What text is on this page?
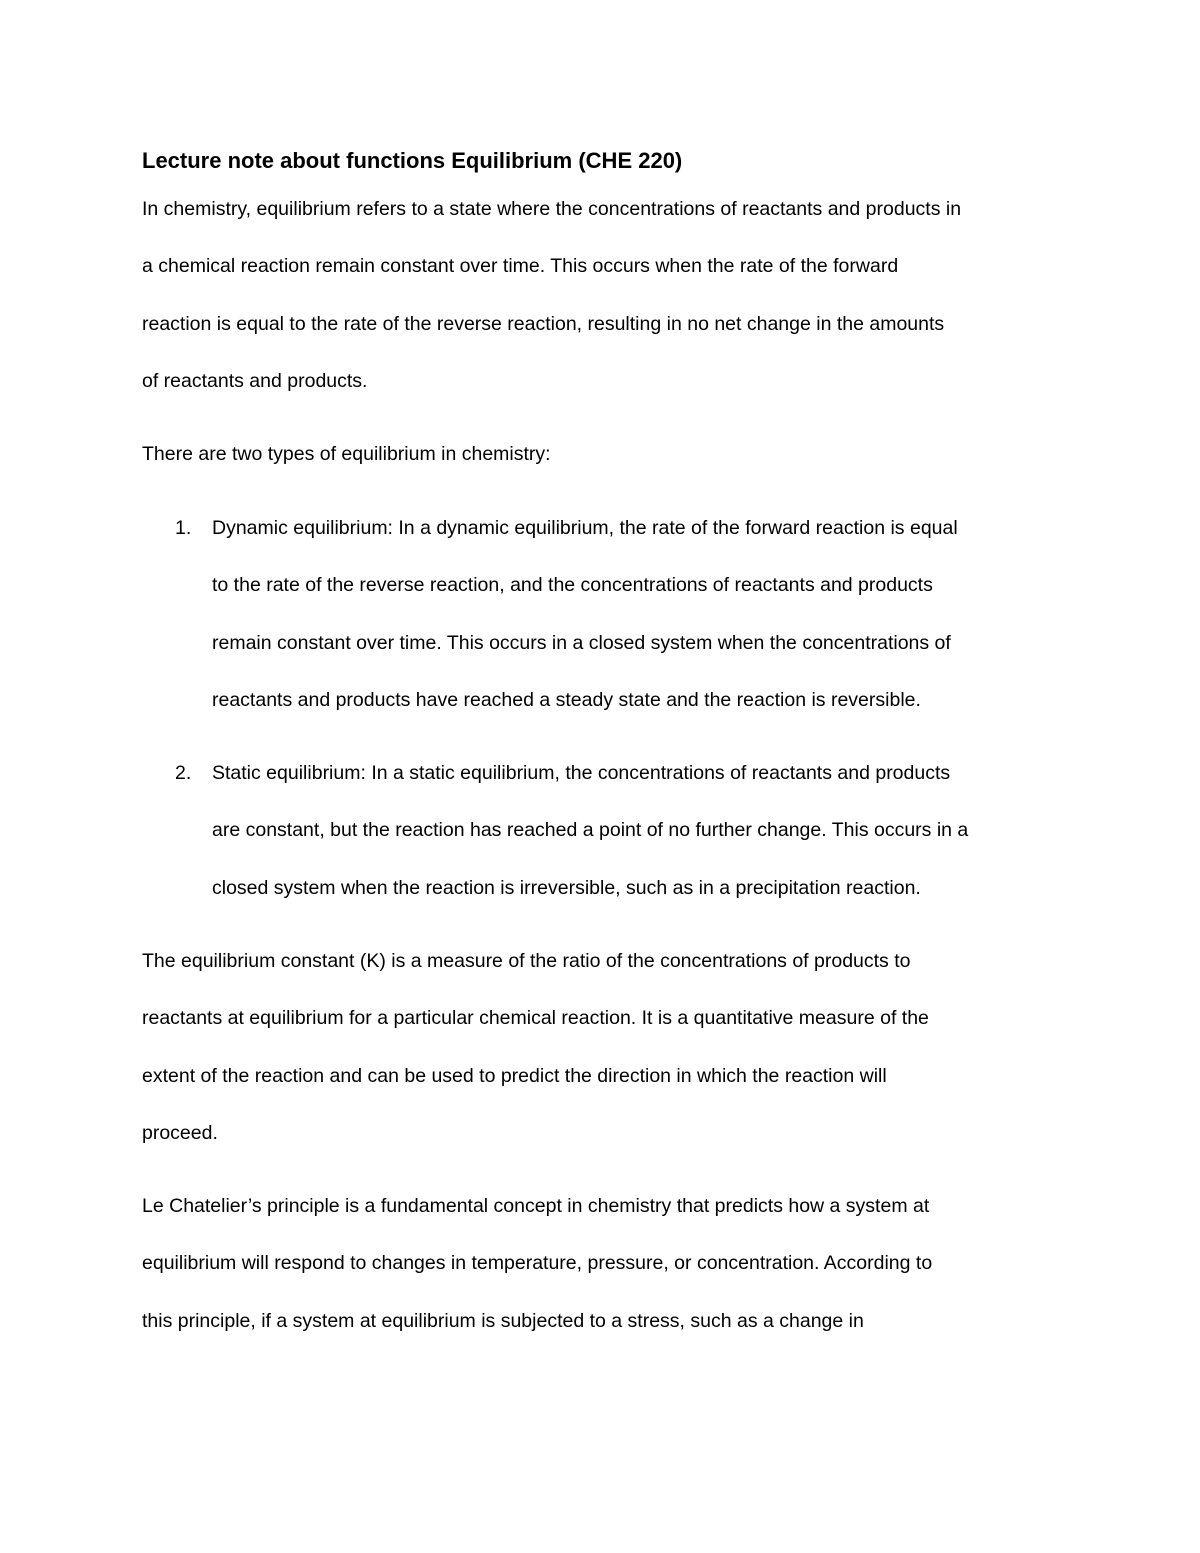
Lecture note about functions Equilibrium (CHE 220)
In chemistry, equilibrium refers to a state where the concentrations of reactants and products in
a chemical reaction remain constant over time. This occurs when the rate of the forward
reaction is equal to the rate of the reverse reaction, resulting in no net change in the amounts
of reactants and products.
There are two types of equilibrium in chemistry:
1. Dynamic equilibrium: In a dynamic equilibrium, the rate of the forward reaction is equal
to the rate of the reverse reaction, and the concentrations of reactants and products
remain constant over time. This occurs in a closed system when the concentrations of
reactants and products have reached a steady state and the reaction is reversible.
2. Static equilibrium: In a static equilibrium, the concentrations of reactants and products
are constant, but the reaction has reached a point of no further change. This occurs in a
closed system when the reaction is irreversible, such as in a precipitation reaction.
The equilibrium constant (K) is a measure of the ratio of the concentrations of products to
reactants at equilibrium for a particular chemical reaction. It is a quantitative measure of the
extent of the reaction and can be used to predict the direction in which the reaction will
proceed.
Le Chatelier’s principle is a fundamental concept in chemistry that predicts how a system at
equilibrium will respond to changes in temperature, pressure, or concentration. According to
this principle, if a system at equilibrium is subjected to a stress, such as a change in
